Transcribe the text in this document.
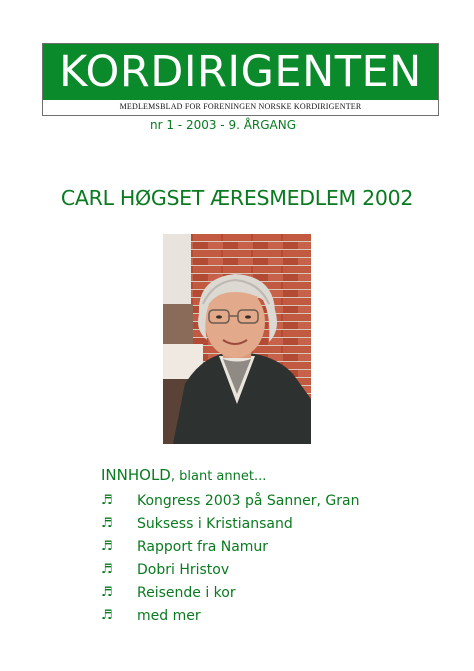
KORDIRIGENTEN
MEDLEMSBLAD FOR FORENINGEN NORSKE KORDIRIGENTER
nr 1 - 2003 - 9. ÅRGANG
CARL HØGSET ÆRESMEDLEM 2002
INNHOLD, blant annet...
♬	Kongress 2003 på Sanner, Gran
♬	Suksess i Kristiansand
♬	Rapport fra Namur
♬	Dobri Hristov
♬	Reisende i kor
♬	med mer
